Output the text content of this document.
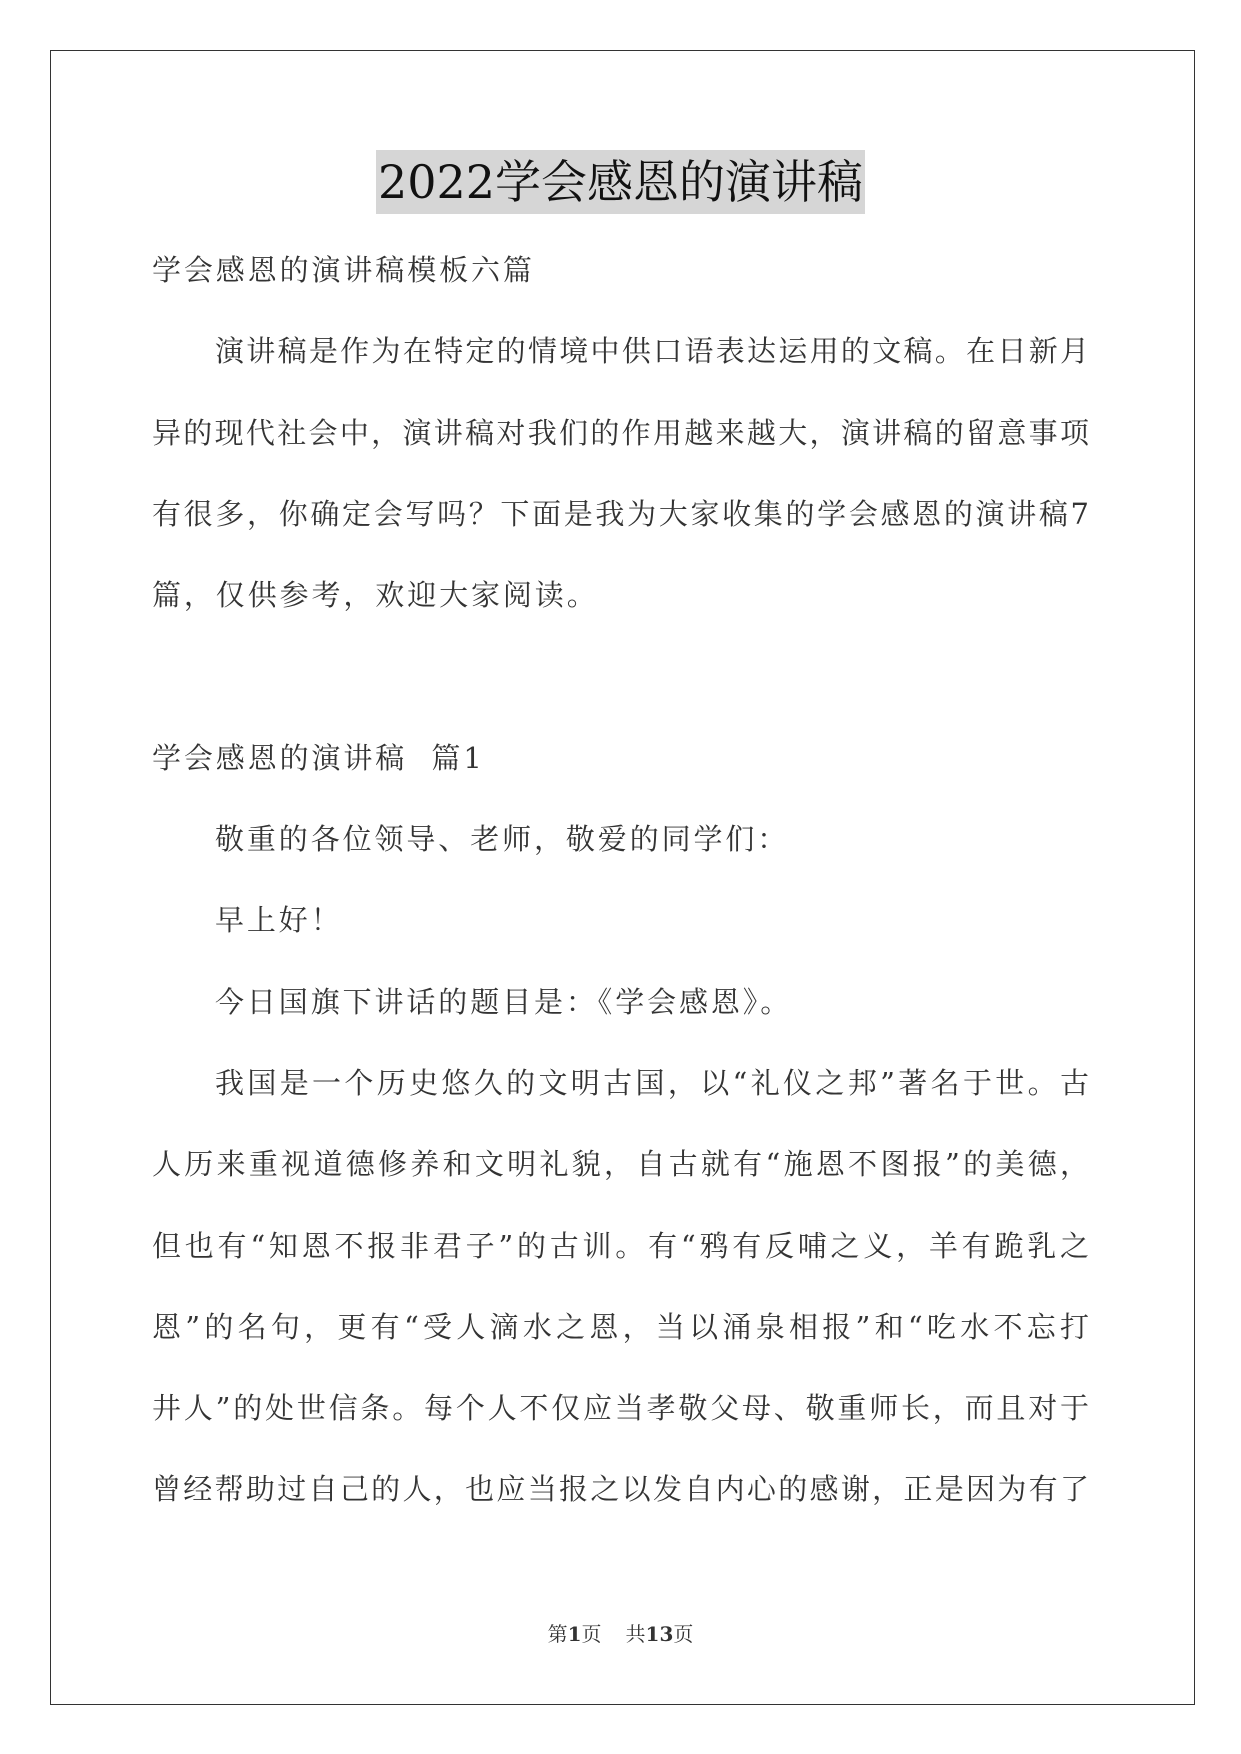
2022学会感恩的演讲稿
学会感恩的演讲稿模板六篇
演讲稿是作为在特定的情境中供口语表达运用的文稿。在日新月
异的现代社会中，演讲稿对我们的作用越来越大，演讲稿的留意事项
有很多，你确定会写吗？下面是我为大家收集的学会感恩的演讲稿7
篇，仅供参考，欢迎大家阅读。
学会感恩的演讲稿  篇1
敬重的各位领导、老师，敬爱的同学们：
早上好！
今日国旗下讲话的题目是：《学会感恩》。
我国是一个历史悠久的文明古国，以“礼仪之邦”著名于世。古
人历来重视道德修养和文明礼貌，自古就有“施恩不图报”的美德，
但也有“知恩不报非君子”的古训。有“鸦有反哺之义，羊有跪乳之
恩”的名句，更有“受人滴水之恩，当以涌泉相报”和“吃水不忘打
井人”的处世信条。每个人不仅应当孝敬父母、敬重师长，而且对于
曾经帮助过自己的人，也应当报之以发自内心的感谢，正是因为有了
第1页 共13页
